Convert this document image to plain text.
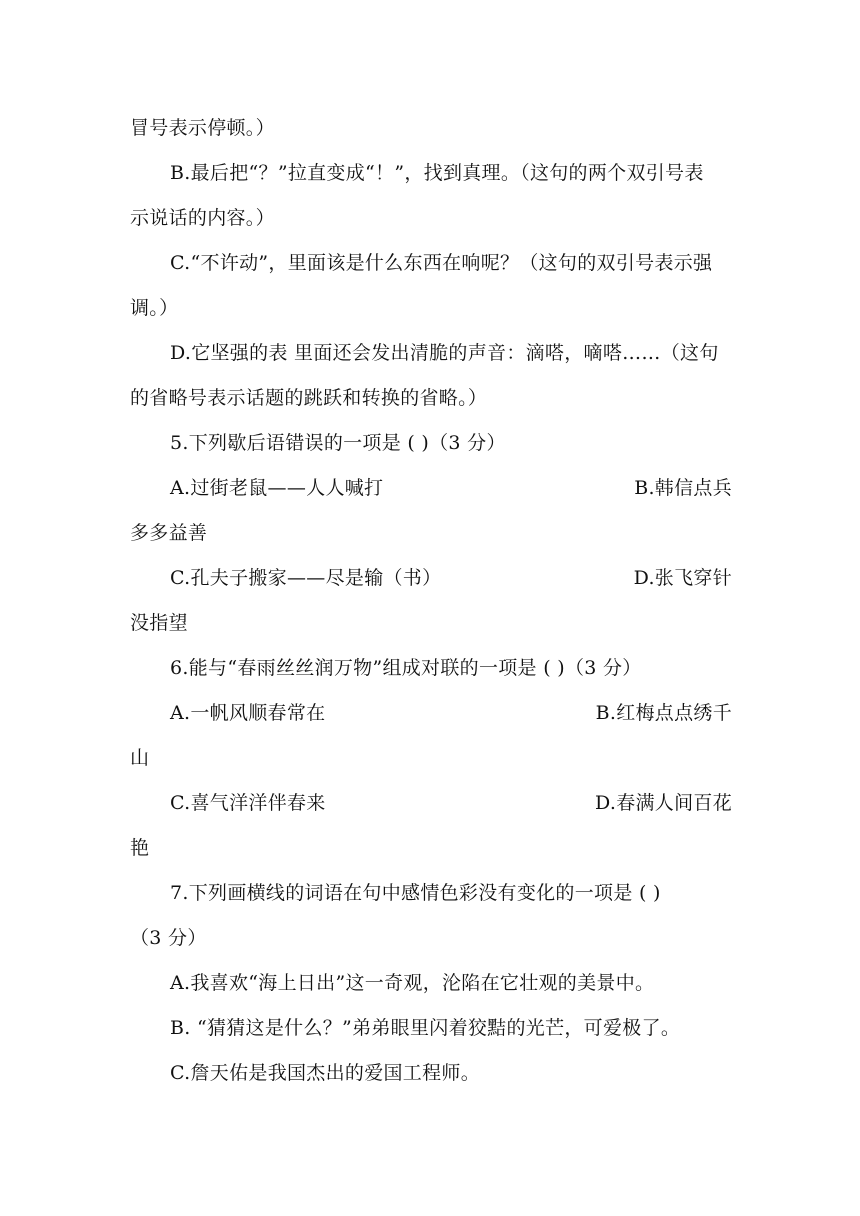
冒号表示停顿。）
B.最后把“？”拉直变成“！”，找到真理。（这句的两个双引号表
示说话的内容。）
C.“不许动”，里面该是什么东西在响呢？（这句的双引号表示强
调。）
D.它坚强的表 里面还会发出清脆的声音：滴嗒，嘀嗒……（这句
的省略号表示话题的跳跃和转换的省略。）
5.下列歇后语错误的一项是 ( )（3 分）
A.过街老鼠——人人喊打	B.韩信点兵
多多益善
C.孔夫子搬家——尽是输（书）	D.张飞穿针
没指望
6.能与“春雨丝丝润万物”组成对联的一项是 ( )（3 分）
A.一帆风顺春常在	B.红梅点点绣千
山
C.喜气洋洋伴春来	D.春满人间百花
艳
7.下列画横线的词语在句中感情色彩没有变化的一项是 ( )
（3 分）
A.我喜欢“海上日出”这一奇观，沦陷在它壮观的美景中。
B. “猜猜这是什么？”弟弟眼里闪着狡黠的光芒，可爱极了。
C.詹天佑是我国杰出的爱国工程师。
